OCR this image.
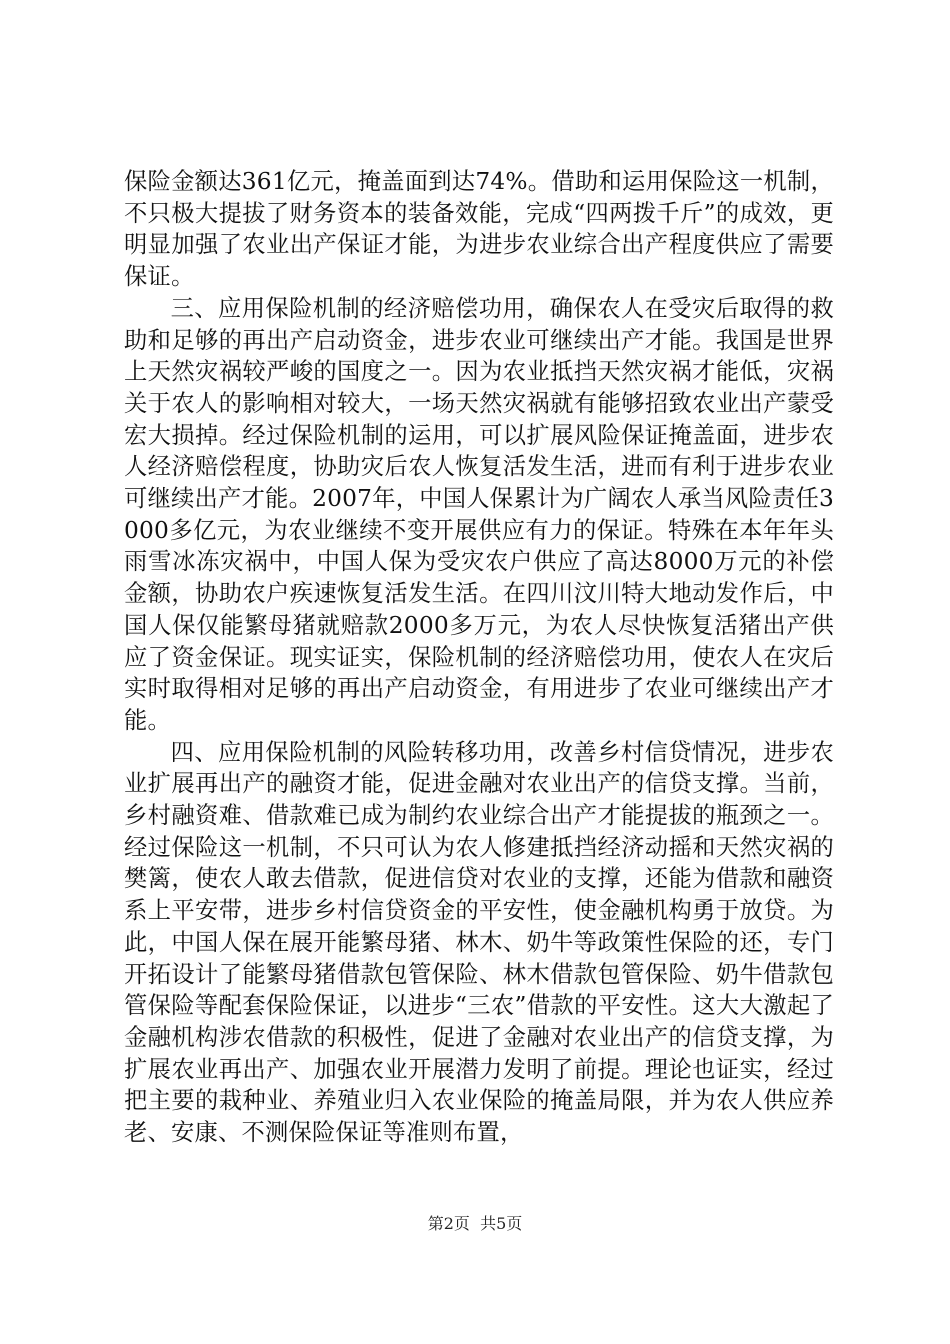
保险金额达361亿元，掩盖面到达74%。借助和运用保险这一机制，不只极大提拔了财务资本的装备效能，完成“四两拨千斤”的成效，更明显加强了农业出产保证才能，为进步农业综合出产程度供应了需要保证。

三、应用保险机制的经济赔偿功用，确保农人在受灾后取得的救助和足够的再出产启动资金，进步农业可继续出产才能。我国是世界上天然灾祸较严峻的国度之一。因为农业抵挡天然灾祸才能低，灾祸关于农人的影响相对较大，一场天然灾祸就有能够招致农业出产蒙受宏大损掉。经过保险机制的运用，可以扩展风险保证掩盖面，进步农人经济赔偿程度，协助灾后农人恢复活发生活，进而有利于进步农业可继续出产才能。2007年，中国人保累计为广阔农人承当风险责任3000多亿元，为农业继续不变开展供应有力的保证。特殊在本年年头雨雪冰冻灾祸中，中国人保为受灾农户供应了高达8000万元的补偿金额，协助农户疾速恢复活发生活。在四川汶川特大地动发作后，中国人保仅能繁母猪就赔款2000多万元，为农人尽快恢复活猪出产供应了资金保证。现实证实，保险机制的经济赔偿功用，使农人在灾后实时取得相对足够的再出产启动资金，有用进步了农业可继续出产才能。

四、应用保险机制的风险转移功用，改善乡村信贷情况，进步农业扩展再出产的融资才能，促进金融对农业出产的信贷支撑。当前，乡村融资难、借款难已成为制约农业综合出产才能提拔的瓶颈之一。经过保险这一机制，不只可认为农人修建抵挡经济动摇和天然灾祸的樊篱，使农人敢去借款，促进信贷对农业的支撑，还能为借款和融资系上平安带，进步乡村信贷资金的平安性，使金融机构勇于放贷。为此，中国人保在展开能繁母猪、林木、奶牛等政策性保险的还，专门开拓设计了能繁母猪借款包管保险、林木借款包管保险、奶牛借款包管保险等配套保险保证，以进步“三农”借款的平安性。这大大激起了金融机构涉农借款的积极性，促进了金融对农业出产的信贷支撑，为扩展农业再出产、加强农业开展潜力发明了前提。理论也证实，经过把主要的栽种业、养殖业归入农业保险的掩盖局限，并为农人供应养老、安康、不测保险保证等准则布置，

第2页  共5页
